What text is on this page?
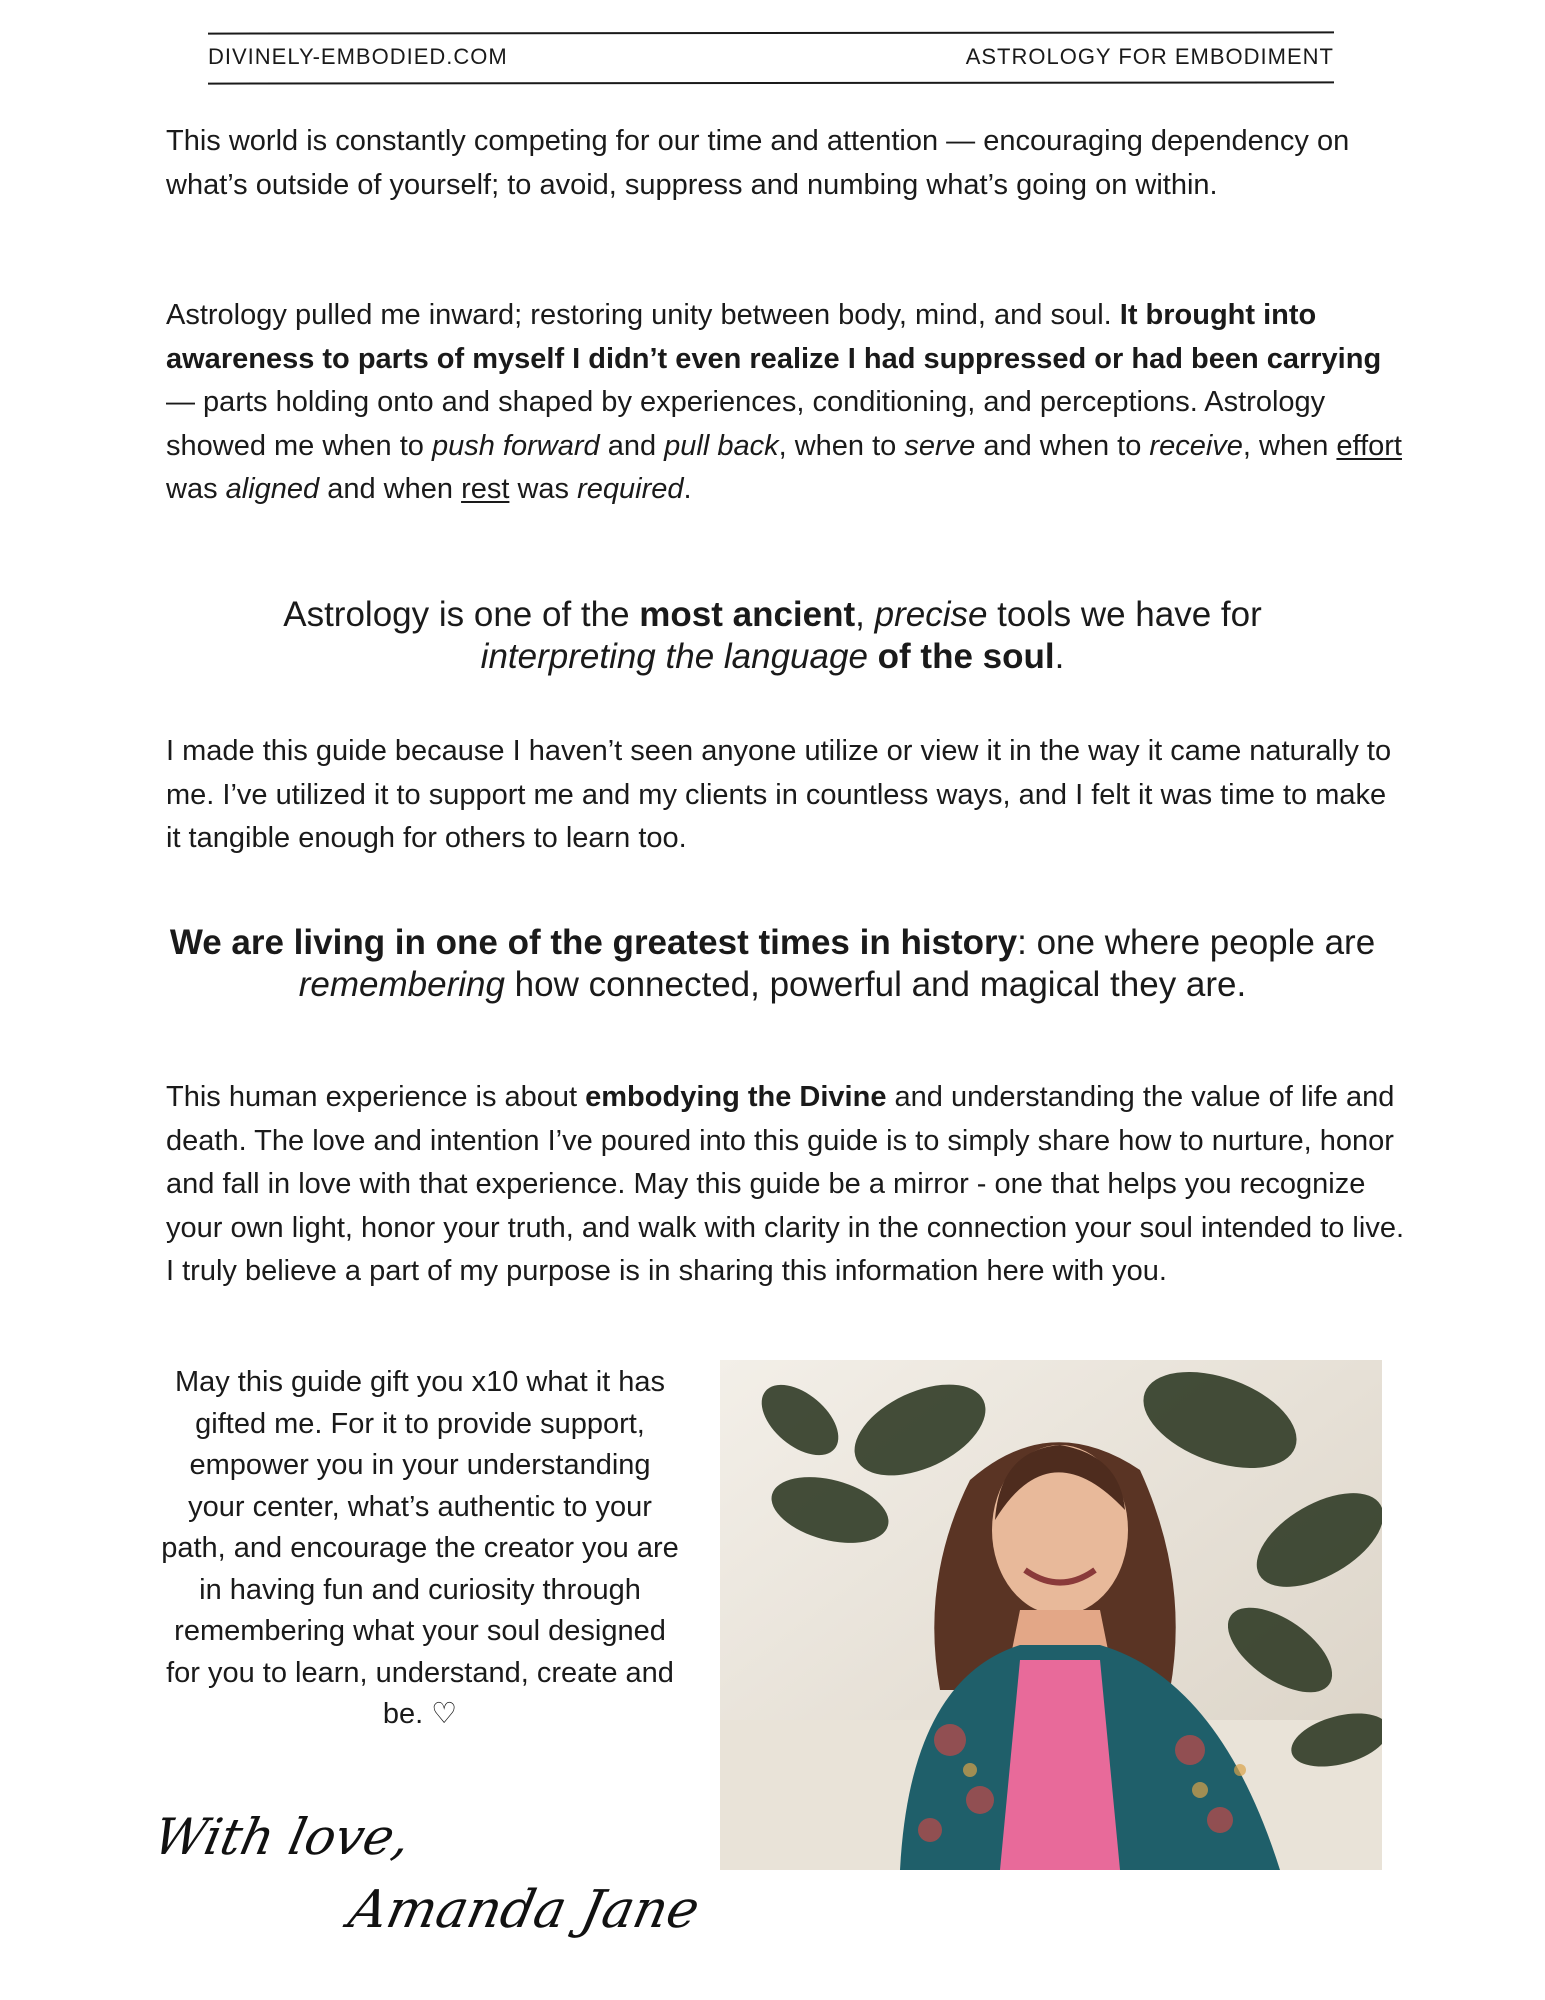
DIVINELY-EMBODIED.COM	ASTROLOGY FOR EMBODIMENT

This world is constantly competing for our time and attention — encouraging dependency on what’s outside of yourself; to avoid, suppress and numbing what’s going on within.

Astrology pulled me inward; restoring unity between body, mind, and soul. It brought into awareness to parts of myself I didn’t even realize I had suppressed or had been carrying — parts holding onto and shaped by experiences, conditioning, and perceptions. Astrology showed me when to push forward and pull back, when to serve and when to receive, when effort was aligned and when rest was required.

Astrology is one of the most ancient, precise tools we have for
interpreting the language of the soul.

I made this guide because I haven’t seen anyone utilize or view it in the way it came naturally to me. I’ve utilized it to support me and my clients in countless ways, and I felt it was time to make it tangible enough for others to learn too.

We are living in one of the greatest times in history: one where people are
remembering how connected, powerful and magical they are.

This human experience is about embodying the Divine and understanding the value of life and death. The love and intention I’ve poured into this guide is to simply share how to nurture, honor and fall in love with that experience. May this guide be a mirror - one that helps you recognize your own light, honor your truth, and walk with clarity in the connection your soul intended to live. I truly believe a part of my purpose is in sharing this information here with you.

May this guide gift you x10 what it has gifted me. For it to provide support, empower you in your understanding your center, what’s authentic to your path, and encourage the creator you are in having fun and curiosity through remembering what your soul designed for you to learn, understand, create and be. ♡

With love,
Amanda Jane
